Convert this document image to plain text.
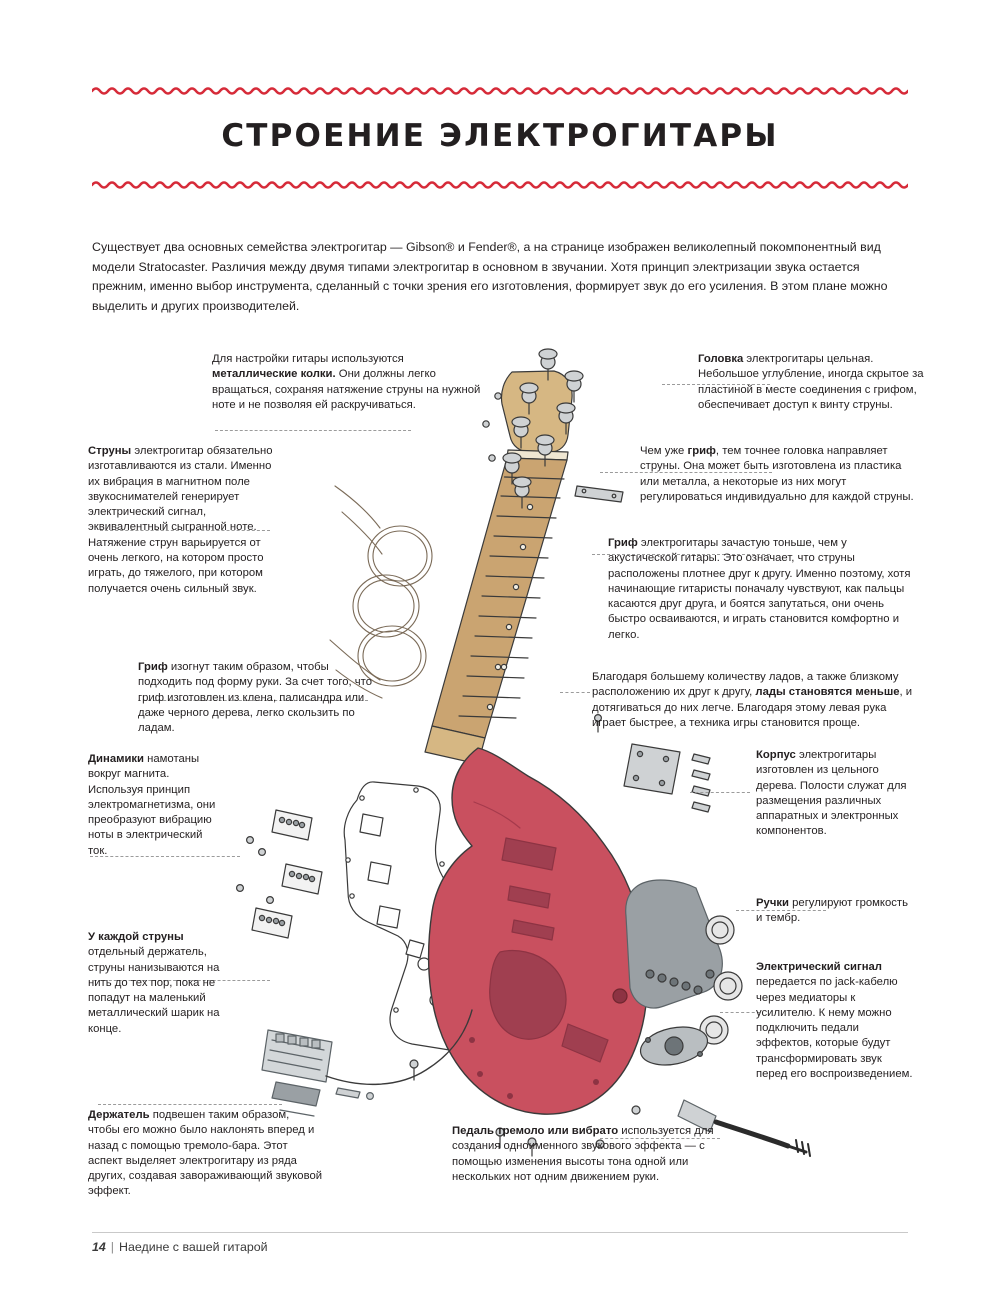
СТРОЕНИЕ ЭЛЕКТРОГИТАРЫ
Существует два основных семейства электрогитар — Gibson® и Fender®, а на странице изображен великолепный покомпонентный вид модели Stratocaster. Различия между двумя типами электрогитар в основном в звучании. Хотя принцип электризации звука остается прежним, именно выбор инструмента, сделанный с точки зрения его изготовления, формирует звук до его усиления. В этом плане можно выделить и других производителей.
Для настройки гитары используются металлические колки. Они должны легко вращаться, сохраняя натяжение струны на нужной ноте и не позволяя ей раскручиваться.
Головка электрогитары цельная. Небольшое углубление, иногда скрытое за пластиной в месте соединения с грифом, обеспечивает доступ к винту струны.
Чем уже гриф, тем точнее головка направляет струны. Она может быть изготовлена из пластика или металла, а некоторые из них могут регулироваться индивидуально для каждой струны.
Струны электрогитар обязательно изготавливаются из стали. Именно их вибрация в магнитном поле звукоснимателей генерирует электрический сигнал, эквивалентный сыгранной ноте. Натяжение струн варьируется от очень легкого, на котором просто играть, до тяжелого, при котором получается очень сильный звук.
Гриф электрогитары зачастую тоньше, чем у акустической гитары. Это означает, что струны расположены плотнее друг к другу. Именно поэтому, хотя начинающие гитаристы поначалу чувствуют, как пальцы касаются друг друга, и боятся запутаться, они очень быстро осваиваются, и играть становится комфортно и легко.
Гриф изогнут таким образом, чтобы подходить под форму руки. За счет того, что гриф изготовлен из клена, палисандра или даже черного дерева, легко скользить по ладам.
Благодаря большему количеству ладов, а также близкому расположению их друг к другу, лады становятся меньше, и дотягиваться до них легче. Благодаря этому левая рука играет быстрее, а техника игры становится проще.
Динамики намотаны вокруг магнита. Используя принцип электромагнетизма, они преобразуют вибрацию ноты в электрический ток.
Корпус электрогитары изготовлен из цельного дерева. Полости служат для размещения различных аппаратных и электронных компонентов.
Ручки регулируют громкость и тембр.
У каждой струны отдельный держатель, струны нанизываются на нить до тех пор, пока не попадут на маленький металлический шарик на конце.
Электрический сигнал передается по jack-кабелю через медиаторы к усилителю. К нему можно подключить педали эффектов, которые будут трансформировать звук перед его воспроизведением.
Держатель подвешен таким образом, чтобы его можно было наклонять вперед и назад с помощью тремоло-бара. Этот аспект выделяет электрогитару из ряда других, создавая завораживающий звуковой эффект.
Педаль тремоло или вибрато используется для создания одноименного звукового эффекта — с помощью изменения высоты тона одной или нескольких нот одним движением руки.
14 | Наедине с вашей гитарой
